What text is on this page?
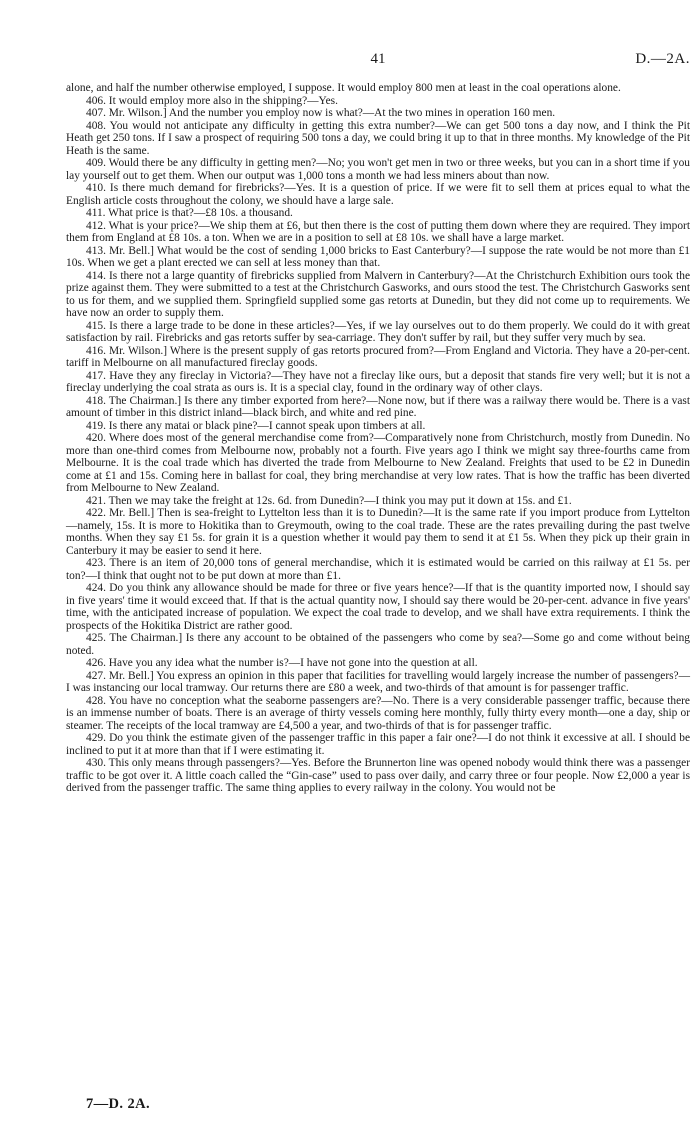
41	D.—2A.

alone, and half the number otherwise employed, I suppose. It would employ 800 men at least in the coal operations alone.

406. It would employ more also in the shipping?—Yes.

407. Mr. Wilson.] And the number you employ now is what?—At the two mines in operation 160 men.

408. You would not anticipate any difficulty in getting this extra number?—We can get 500 tons a day now, and I think the Pit Heath get 250 tons. If I saw a prospect of requiring 500 tons a day, we could bring it up to that in three months. My knowledge of the Pit Heath is the same.

409. Would there be any difficulty in getting men?—No; you won't get men in two or three weeks, but you can in a short time if you lay yourself out to get them. When our output was 1,000 tons a month we had less miners about than now.

410. Is there much demand for firebricks?—Yes. It is a question of price. If we were fit to sell them at prices equal to what the English article costs throughout the colony, we should have a large sale.

411. What price is that?—£8 10s. a thousand.

412. What is your price?—We ship them at £6, but then there is the cost of putting them down where they are required. They import them from England at £8 10s. a ton. When we are in a position to sell at £8 10s. we shall have a large market.

413. Mr. Bell.] What would be the cost of sending 1,000 bricks to East Canterbury?—I suppose the rate would be not more than £1 10s. When we get a plant erected we can sell at less money than that.

414. Is there not a large quantity of firebricks supplied from Malvern in Canterbury?—At the Christchurch Exhibition ours took the prize against them. They were submitted to a test at the Christchurch Gasworks, and ours stood the test. The Christchurch Gasworks sent to us for them, and we supplied them. Springfield supplied some gas retorts at Dunedin, but they did not come up to requirements. We have now an order to supply them.

415. Is there a large trade to be done in these articles?—Yes, if we lay ourselves out to do them properly. We could do it with great satisfaction by rail. Firebricks and gas retorts suffer by sea-carriage. They don't suffer by rail, but they suffer very much by sea.

416. Mr. Wilson.] Where is the present supply of gas retorts procured from?—From England and Victoria. They have a 20-per-cent. tariff in Melbourne on all manufactured fireclay goods.

417. Have they any fireclay in Victoria?—They have not a fireclay like ours, but a deposit that stands fire very well; but it is not a fireclay underlying the coal strata as ours is. It is a special clay, found in the ordinary way of other clays.

418. The Chairman.] Is there any timber exported from here?—None now, but if there was a railway there would be. There is a vast amount of timber in this district inland—black birch, and white and red pine.

419. Is there any matai or black pine?—I cannot speak upon timbers at all.

420. Where does most of the general merchandise come from?—Comparatively none from Christchurch, mostly from Dunedin. No more than one-third comes from Melbourne now, probably not a fourth. Five years ago I think we might say three-fourths came from Melbourne. It is the coal trade which has diverted the trade from Melbourne to New Zealand. Freights that used to be £2 in Dunedin come at £1 and 15s. Coming here in ballast for coal, they bring merchandise at very low rates. That is how the traffic has been diverted from Melbourne to New Zealand.

421. Then we may take the freight at 12s. 6d. from Dunedin?—I think you may put it down at 15s. and £1.

422. Mr. Bell.] Then is sea-freight to Lyttelton less than it is to Dunedin?—It is the same rate if you import produce from Lyttelton—namely, 15s. It is more to Hokitika than to Greymouth, owing to the coal trade. These are the rates prevailing during the past twelve months. When they say £1 5s. for grain it is a question whether it would pay them to send it at £1 5s. When they pick up their grain in Canterbury it may be easier to send it here.

423. There is an item of 20,000 tons of general merchandise, which it is estimated would be carried on this railway at £1 5s. per ton?—I think that ought not to be put down at more than £1.

424. Do you think any allowance should be made for three or five years hence?—If that is the quantity imported now, I should say in five years' time it would exceed that. If that is the actual quantity now, I should say there would be 20-per-cent. advance in five years' time, with the anticipated increase of population. We expect the coal trade to develop, and we shall have extra requirements. I think the prospects of the Hokitika District are rather good.

425. The Chairman.] Is there any account to be obtained of the passengers who come by sea?—Some go and come without being noted.

426. Have you any idea what the number is?—I have not gone into the question at all.

427. Mr. Bell.] You express an opinion in this paper that facilities for travelling would largely increase the number of passengers?—I was instancing our local tramway. Our returns there are £80 a week, and two-thirds of that amount is for passenger traffic.

428. You have no conception what the seaborne passengers are?—No. There is a very considerable passenger traffic, because there is an immense number of boats. There is an average of thirty vessels coming here monthly, fully thirty every month—one a day, ship or steamer. The receipts of the local tramway are £4,500 a year, and two-thirds of that is for passenger traffic.

429. Do you think the estimate given of the passenger traffic in this paper a fair one?—I do not think it excessive at all. I should be inclined to put it at more than that if I were estimating it.

430. This only means through passengers?—Yes. Before the Brunnerton line was opened nobody would think there was a passenger traffic to be got over it. A little coach called the “Gin-case” used to pass over daily, and carry three or four people. Now £2,000 a year is derived from the passenger traffic. The same thing applies to every railway in the colony. You would not be

7—D. 2A.
